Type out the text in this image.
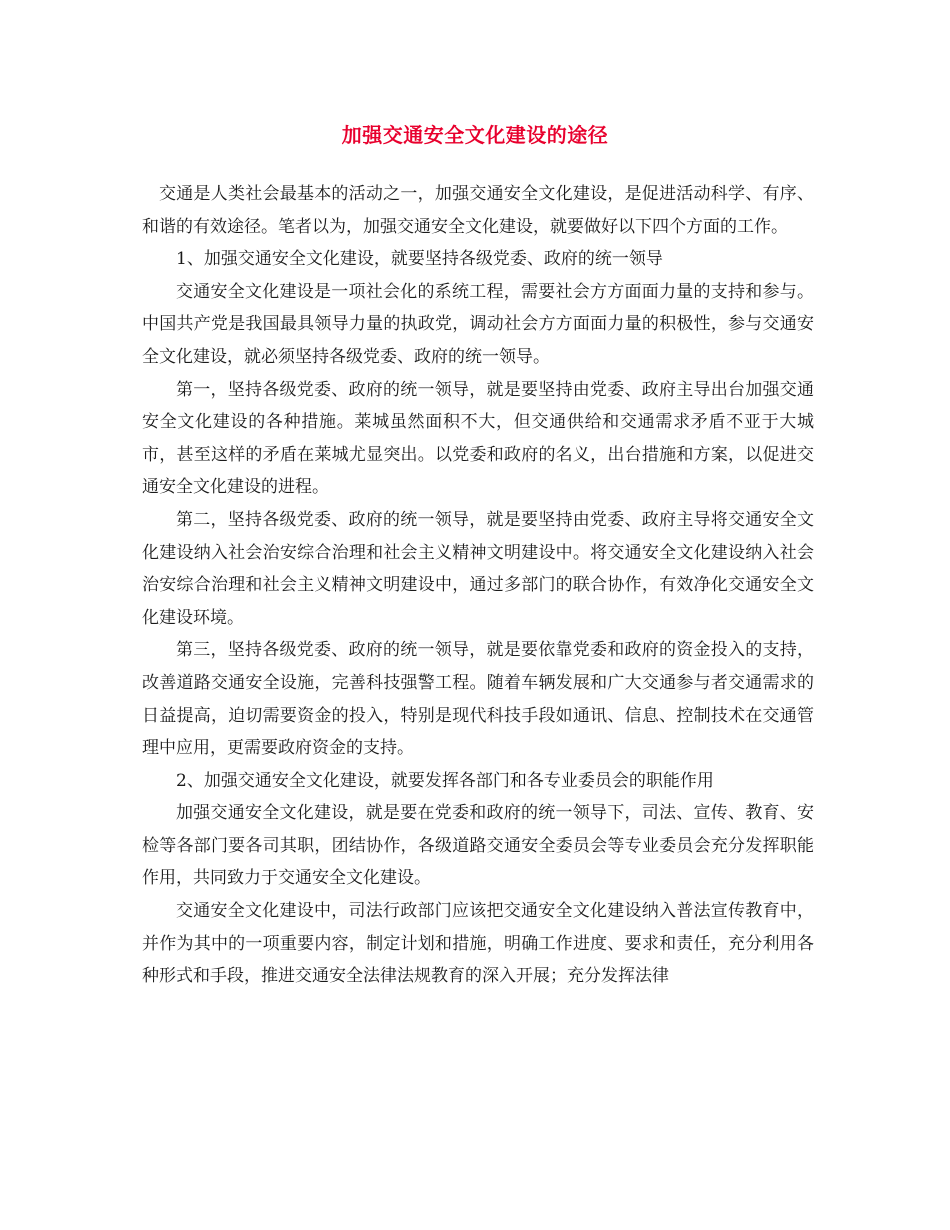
加强交通安全文化建设的途径

交通是人类社会最基本的活动之一，加强交通安全文化建设，是促进活动科学、有序、和谐的有效途径。笔者以为，加强交通安全文化建设，就要做好以下四个方面的工作。

1、加强交通安全文化建设，就要坚持各级党委、政府的统一领导

交通安全文化建设是一项社会化的系统工程，需要社会方方面面力量的支持和参与。中国共产党是我国最具领导力量的执政党，调动社会方方面面力量的积极性，参与交通安全文化建设，就必须坚持各级党委、政府的统一领导。

第一，坚持各级党委、政府的统一领导，就是要坚持由党委、政府主导出台加强交通安全文化建设的各种措施。莱城虽然面积不大，但交通供给和交通需求矛盾不亚于大城市，甚至这样的矛盾在莱城尤显突出。以党委和政府的名义，出台措施和方案，以促进交通安全文化建设的进程。

第二，坚持各级党委、政府的统一领导，就是要坚持由党委、政府主导将交通安全文化建设纳入社会治安综合治理和社会主义精神文明建设中。将交通安全文化建设纳入社会治安综合治理和社会主义精神文明建设中，通过多部门的联合协作，有效净化交通安全文化建设环境。

第三，坚持各级党委、政府的统一领导，就是要依靠党委和政府的资金投入的支持，改善道路交通安全设施，完善科技强警工程。随着车辆发展和广大交通参与者交通需求的日益提高，迫切需要资金的投入，特别是现代科技手段如通讯、信息、控制技术在交通管理中应用，更需要政府资金的支持。

2、加强交通安全文化建设，就要发挥各部门和各专业委员会的职能作用

加强交通安全文化建设，就是要在党委和政府的统一领导下，司法、宣传、教育、安检等各部门要各司其职，团结协作，各级道路交通安全委员会等专业委员会充分发挥职能作用，共同致力于交通安全文化建设。

交通安全文化建设中，司法行政部门应该把交通安全文化建设纳入普法宣传教育中，并作为其中的一项重要内容，制定计划和措施，明确工作进度、要求和责任，充分利用各种形式和手段，推进交通安全法律法规教育的深入开展；充分发挥法律
